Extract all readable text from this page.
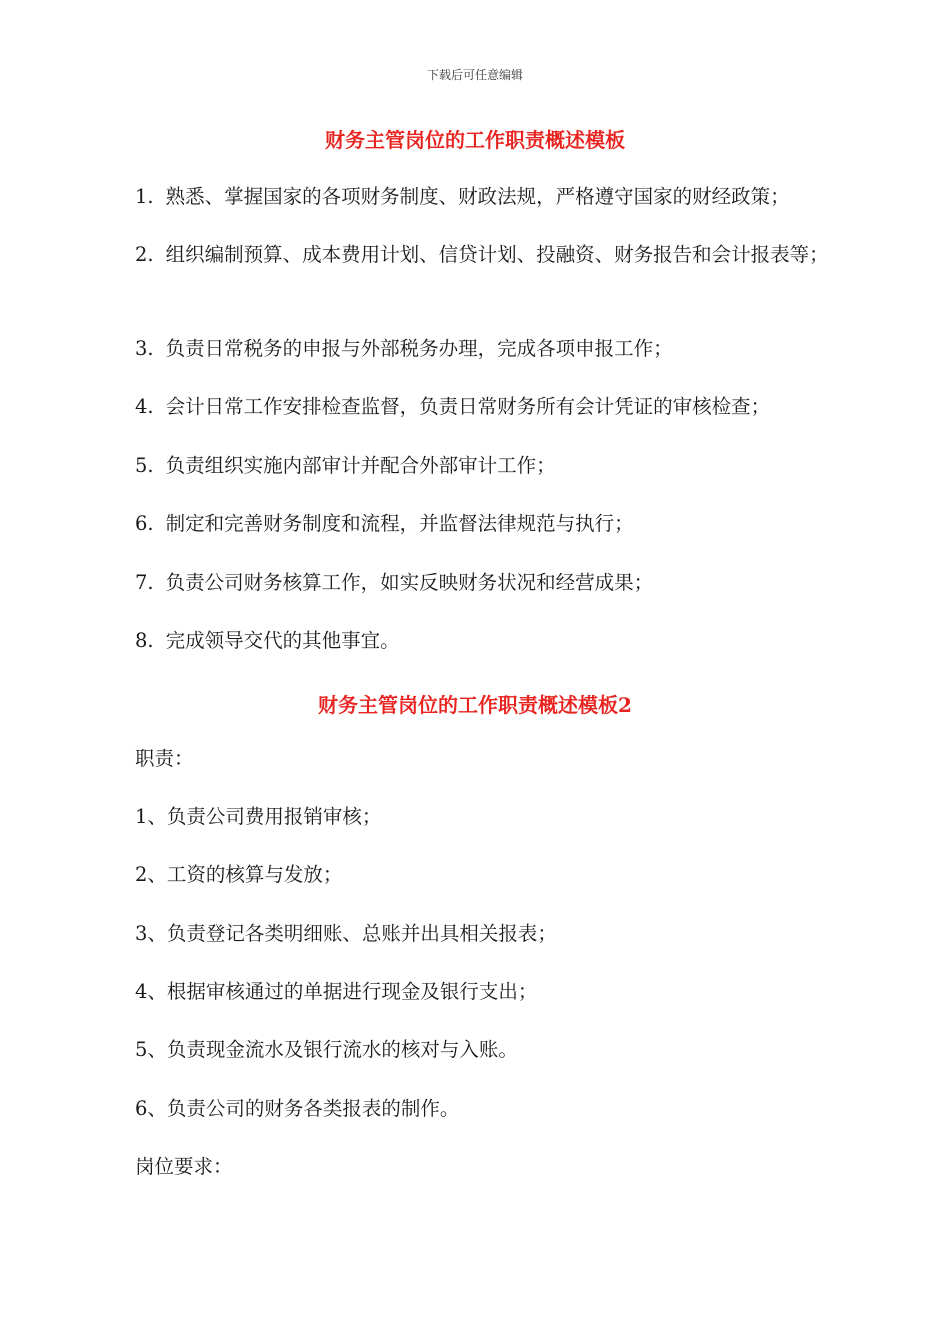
下载后可任意编辑
财务主管岗位的工作职责概述模板
1. 熟悉、掌握国家的各项财务制度、财政法规，严格遵守国家的财经政策；
2. 组织编制预算、成本费用计划、信贷计划、投融资、财务报告和会计报表等；
3. 负责日常税务的申报与外部税务办理，完成各项申报工作；
4. 会计日常工作安排检查监督，负责日常财务所有会计凭证的审核检查；
5. 负责组织实施内部审计并配合外部审计工作；
6. 制定和完善财务制度和流程，并监督法律规范与执行；
7. 负责公司财务核算工作，如实反映财务状况和经营成果；
8. 完成领导交代的其他事宜。
财务主管岗位的工作职责概述模板2
职责：
1、负责公司费用报销审核；
2、工资的核算与发放；
3、负责登记各类明细账、总账并出具相关报表；
4、根据审核通过的单据进行现金及银行支出；
5、负责现金流水及银行流水的核对与入账。
6、负责公司的财务各类报表的制作。
岗位要求：
